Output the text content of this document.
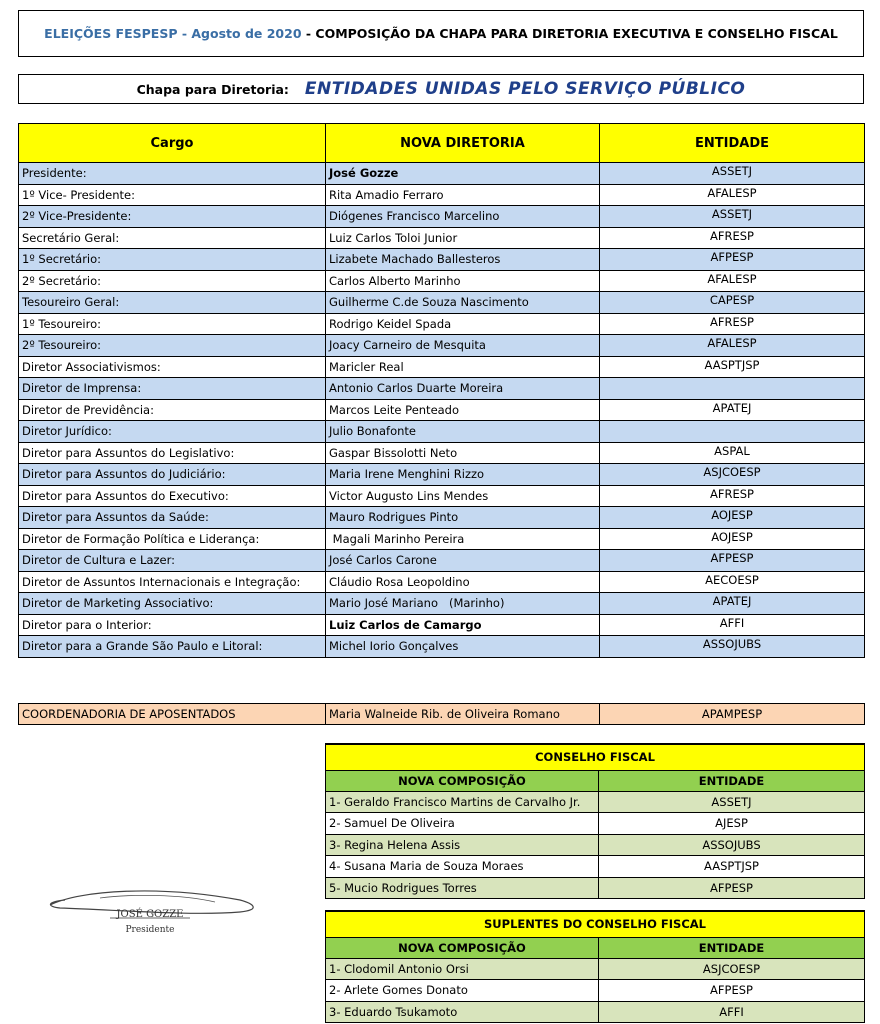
ELEIÇÕES FESPESP - Agosto de 2020 - COMPOSIÇÃO DA CHAPA PARA DIRETORIA EXECUTIVA E CONSELHO FISCAL
Chapa para Diretoria: ENTIDADES UNIDAS PELO SERVIÇO PÚBLICO
Cargo	NOVA DIRETORIA	ENTIDADE
Presidente:	José Gozze	ASSETJ
1º Vice- Presidente:	Rita Amadio Ferraro	AFALESP
2º Vice-Presidente:	Diógenes Francisco Marcelino	ASSETJ
Secretário Geral:	Luiz Carlos Toloi Junior	AFRESP
1º Secretário:	Lizabete Machado Ballesteros	AFPESP
2º Secretário:	Carlos Alberto Marinho	AFALESP
Tesoureiro Geral:	Guilherme C.de Souza Nascimento	CAPESP
1º Tesoureiro:	Rodrigo Keidel Spada	AFRESP
2º Tesoureiro:	Joacy Carneiro de Mesquita	AFALESP
Diretor Associativismos:	Maricler Real	AASPTJSP
Diretor de Imprensa:	Antonio Carlos Duarte Moreira	
Diretor de Previdência:	Marcos Leite Penteado	APATEJ
Diretor Jurídico:	Julio Bonafonte	
Diretor para Assuntos do Legislativo:	Gaspar Bissolotti Neto	ASPAL
Diretor para Assuntos do Judiciário:	Maria Irene Menghini Rizzo	ASJCOESP
Diretor para Assuntos do Executivo:	Victor Augusto Lins Mendes	AFRESP
Diretor para Assuntos da Saúde:	Mauro Rodrigues Pinto	AOJESP
Diretor de Formação Política e Liderança:	Magali Marinho Pereira	AOJESP
Diretor de Cultura e Lazer:	José Carlos Carone	AFPESP
Diretor de Assuntos Internacionais e Integração:	Cláudio Rosa Leopoldino	AECOESP
Diretor de Marketing Associativo:	Mario José Mariano   (Marinho)	APATEJ
Diretor para o Interior:	Luiz Carlos de Camargo	AFFI
Diretor para a Grande São Paulo e Litoral:	Michel Iorio Gonçalves	ASSOJUBS
COORDENADORIA DE APOSENTADOS	Maria Walneide Rib. de Oliveira Romano	APAMPESP
CONSELHO FISCAL	
NOVA COMPOSIÇÃO	ENTIDADE
1- Geraldo Francisco Martins de Carvalho Jr.	ASSETJ
2- Samuel De Oliveira	AJESP
3- Regina Helena Assis	ASSOJUBS
4- Susana Maria de Souza Moraes	AASPTJSP
5- Mucio Rodrigues Torres	AFPESP
SUPLENTES DO CONSELHO FISCAL	
NOVA COMPOSIÇÃO	ENTIDADE
1- Clodomil Antonio Orsi	ASJCOESP
2- Arlete Gomes Donato	AFPESP
3- Eduardo Tsukamoto	AFFI
JOSÉ GOZZE
Presidente
